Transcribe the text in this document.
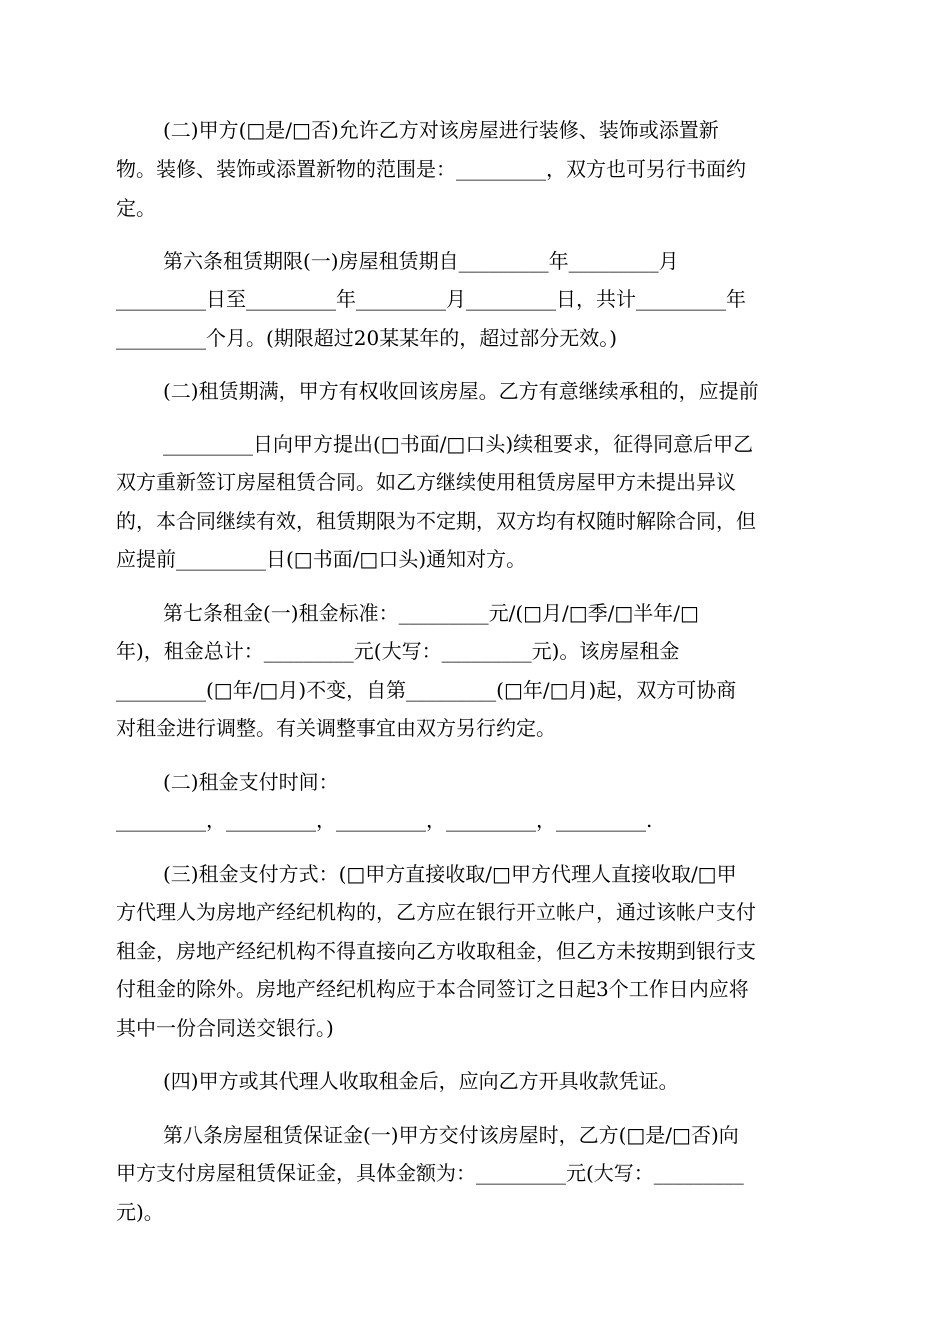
(二)甲方(□是/□否)允许乙方对该房屋进行装修、装饰或添置新
物。装修、装饰或添置新物的范围是：_________，双方也可另行书面约
定。
第六条租赁期限(一)房屋租赁期自_________年_________月
_________日至_________年_________月_________日，共计_________年
_________个月。(期限超过20某某年的，超过部分无效。)
(二)租赁期满，甲方有权收回该房屋。乙方有意继续承租的，应提前
_________日向甲方提出(□书面/□口头)续租要求，征得同意后甲乙
双方重新签订房屋租赁合同。如乙方继续使用租赁房屋甲方未提出异议
的，本合同继续有效，租赁期限为不定期，双方均有权随时解除合同，但
应提前_________日(□书面/□口头)通知对方。
第七条租金(一)租金标准：_________元/(□月/□季/□半年/□
年)，租金总计：_________元(大写：_________元)。该房屋租金
_________(□年/□月)不变，自第_________(□年/□月)起，双方可协商
对租金进行调整。有关调整事宜由双方另行约定。
(二)租金支付时间：
_________，_________，_________，_________，_________.
(三)租金支付方式：(□甲方直接收取/□甲方代理人直接收取/□甲
方代理人为房地产经纪机构的，乙方应在银行开立帐户，通过该帐户支付
租金，房地产经纪机构不得直接向乙方收取租金，但乙方未按期到银行支
付租金的除外。房地产经纪机构应于本合同签订之日起3个工作日内应将
其中一份合同送交银行。)
(四)甲方或其代理人收取租金后，应向乙方开具收款凭证。
第八条房屋租赁保证金(一)甲方交付该房屋时，乙方(□是/□否)向
甲方支付房屋租赁保证金，具体金额为：_________元(大写：_________
元)。
